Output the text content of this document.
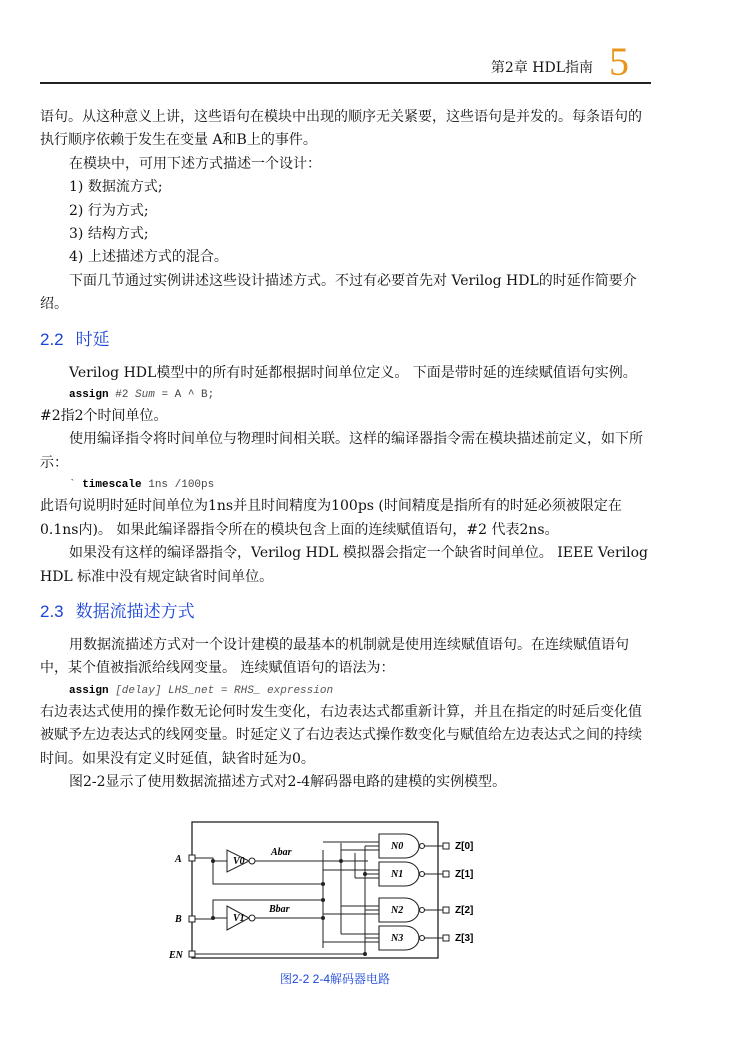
第2章 HDL指南 5

语句。从这种意义上讲，这些语句在模块中出现的顺序无关紧要，这些语句是并发的。每条语句的执行顺序依赖于发生在变量 A和B上的事件。

在模块中，可用下述方式描述一个设计：

1) 数据流方式;

2) 行为方式;

3) 结构方式;

4) 上述描述方式的混合。

下面几节通过实例讲述这些设计描述方式。不过有必要首先对 Verilog HDL的时延作简要介绍。

2.2 时延

Verilog HDL模型中的所有时延都根据时间单位定义。 下面是带时延的连续赋值语句实例。

assign #2 Sum = A ^ B;

#2指2个时间单位。

使用编译指令将时间单位与物理时间相关联。这样的编译器指令需在模块描述前定义，如下所示：

` timescale 1ns /100ps

此语句说明时延时间单位为1ns并且时间精度为100ps (时间精度是指所有的时延必须被限定在0.1ns内)。 如果此编译器指令所在的模块包含上面的连续赋值语句，#2 代表2ns。

如果没有这样的编译器指令，Verilog HDL 模拟器会指定一个缺省时间单位。 IEEE Verilog HDL 标准中没有规定缺省时间单位。

2.3 数据流描述方式

用数据流描述方式对一个设计建模的最基本的机制就是使用连续赋值语句。在连续赋值语句中，某个值被指派给线网变量。 连续赋值语句的语法为：

assign [delay] LHS_net = RHS_ expression

右边表达式使用的操作数无论何时发生变化，右边表达式都重新计算，并且在指定的时延后变化值被赋予左边表达式的线网变量。时延定义了右边表达式操作数变化与赋值给左边表达式之间的持续时间。如果没有定义时延值，缺省时延为0。

图2-2显示了使用数据流描述方式对2-4解码器电路的建模的实例模型。

A
B
EN
V0
V1
Abar
Bbar
N0
N1
N2
N3
Z[0]
Z[1]
Z[2]
Z[3]
图2-2 2-4解码器电路
